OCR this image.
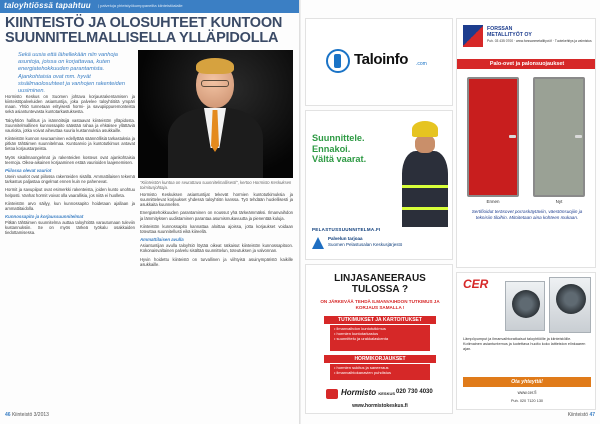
taloyhtiössä tapahtuu | palveluja yhteistyökumppaneilta kiinteistöalalle
KIINTEISTÖ JA OLOSUHTEET KUNTOON
SUUNNITELMALLISELLA YLLÄPIDOLLA
Sekä uusia että lähellekään niin vanhoja asuntoja, joissa on korjattavaa, kuten energiatehokkuuden parantamista. Ajankohtaisia ovat mm. hyvät sisäilmaolosuhteet ja vanhojen rakenteiden uusiminen.
"Kiinteistön kuntoa on seurattava suunnitelmallisesti", kertoo Hormisto Keskuksen toimitusjohtaja.

Hormisto Keskus on Suomen johtava korjausrakentamisen ja kiinteistöpalveluiden asiantuntija, joka palvelee taloyhtiöitä ympäri maan. Yhtiö tunnetaan erityisesti hormi- ja savupiippuremonteista sekä asiantuntevasta kuntotarkastuksesta.

Taloyhtiön hallitus ja isännöitsijä vastaavat kiinteistön ylläpidosta. Suunnitelmallinen kunnossapito säästää rahaa ja ehkäisee yllättäviä vaurioita, jotka voivat aiheuttaa suuria kustannuksia asukkaille.

Kiinteistön kunnon seuraaminen edellyttää säännöllisiä tarkastuksia ja pitkän tähtäimen suunnitelmaa. Kuntoarvio ja kuntotutkimus antavat tietoa korjaustarpeista.

Myös sisäilmaongelmat ja rakenteiden kosteus ovat ajankohtaisia teemoja. Oikea-aikainen korjaaminen estää vaurioiden laajenemisen.

Piilossa olevat vauriot

Usein vauriot ovat piilossa rakenteiden sisällä. Ammattilaisen tekemä tarkastus paljastaa ongelmat ennen kuin ne pahenevat.

Hormit ja savupiiput ovat esimerkki rakenteista, joiden kunto unohtuu helposti. Vanhat hormit voivat olla vaarallisia, jos niitä ei huolleta.

Kiinteistön arvo säilyy, kun kunnossapito hoidetaan ajallaan ja ammattitaidolla.

Kunnossapito ja korjaussuunnitelmat

Pitkän tähtäimen suunnitelma auttaa taloyhtiötä varautumaan tuleviin kustannuksiin. Se on myös tärkeä työkalu osakkaiden tiedottamisessa.

Hormisto Keskuksen asiantuntijat tekevät hormien kuntotutkimuksia ja suunnittelevat korjaukset yhdessä taloyhtiön kanssa. Työ tehdään huolellisesti ja asukkaita kuunnellen.

Energiatehokkuuden parantaminen on noussut yhä tärkeämmäksi. Ilmanvaihdon ja lämmityksen uudistaminen parantaa asumismukavuutta ja pienentää kuluja.

Kiinteistön kunnossapito kannattaa aloittaa ajoissa, jotta korjaukset voidaan toteuttaa suunnitellusti eikä kiireellä.

Ammattilaisen avulla

Asiantuntijan avulla taloyhtiö löytää oikeat ratkaisut kiinteistön kunnossapitoon. Kokonaisvaltainen palvelu sisältää suunnittelun, toteutuksen ja valvonnan.

Hyvin hoidettu kiinteistö on turvallinen ja viihtyisä asuinympäristö kaikille asukkaille.

46 Kiinteistö 3/2013
Taloinfo .com
Suunnittele.
Ennakoi.
Vältä vaarat.
PELASTUSSUUNNITELMA.FI
Palvelun tarjoaa
Suomen Pelastusalan Keskusjärjestö
FORSSAN
METALLITYÖT OY
Puh. 03 435 0700 · www.forssanmetallityot.fi · Tuotekehitys ja valmistus
Palo-ovet ja palonsuojaukset
Ennen	Nyt
Sertifioidut teräsovet porraskäytäviin, väestönsuojiin ja teknisiin tiloihin. Mitoitetaan aina kohteen mukaan.
LINJASANEERAUS
TULOSSA ?
ON JÄRKEVÄÄ TEHDÄ ILMANVAIHDON TUTKIMUS JA KORJAUS SAMALLA !
TUTKIMUKSET JA KARTOITUKSET
• ilmanvaihdon kuntotutkimus
• hormien kuntotarkastus
• suunnittelu ja urakkalaskenta
HORMIKORJAUKSET
• hormien sukitus ja saneeraus
• ilmanvaihtokanavien puhdistus
Hormisto KESKUS 020 730 4030
www.hormistokeskus.fi
CER
Lämpöpumput ja ilmanvaihtoratkaisut taloyhtiöille ja kiinteistöille. Kotimainen asiantuntemus ja luotettava huolto koko laitteiston elinkaaren ajan.
Ota yhteyttä!
www.cer.fi
Puh. 020 7120 130
Kiinteistö 47
